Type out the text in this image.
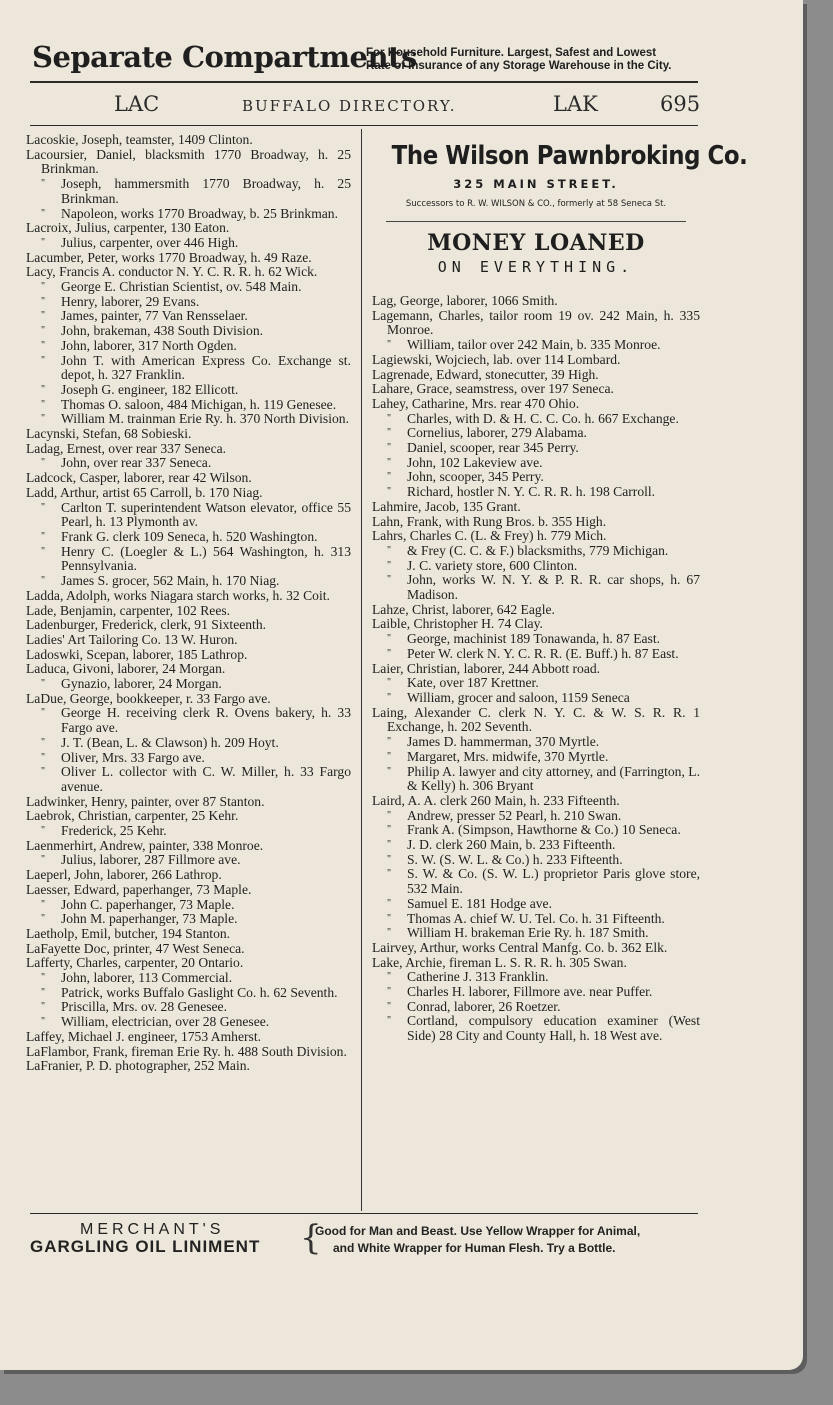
Separate Compartments
For Household Furniture. Largest, Safest and Lowest
Rate of Insurance of any Storage Warehouse in the City.
LAC	BUFFALO DIRECTORY.	LAK	695

Lacoskie, Joseph, teamster, 1409 Clinton.

Lacoursier, Daniel, blacksmith 1770 Broadway, h. 25 Brinkman.

" Joseph, hammersmith 1770 Broadway, h. 25 Brinkman.

" Napoleon, works 1770 Broadway, b. 25 Brinkman.

Lacroix, Julius, carpenter, 130 Eaton.

" Julius, carpenter, over 446 High.

Lacumber, Peter, works 1770 Broadway, h. 49 Raze.

Lacy, Francis A. conductor N. Y. C. R. R. h. 62 Wick.

" George E. Christian Scientist, ov. 548 Main.

" Henry, laborer, 29 Evans.

" James, painter, 77 Van Rensselaer.

" John, brakeman, 438 South Division.

" John, laborer, 317 North Ogden.

" John T. with American Express Co. Exchange st. depot, h. 327 Franklin.

" Joseph G. engineer, 182 Ellicott.

" Thomas O. saloon, 484 Michigan, h. 119 Genesee.

" William M. trainman Erie Ry. h. 370 North Division.

Lacynski, Stefan, 68 Sobieski.

Ladag, Ernest, over rear 337 Seneca.

" John, over rear 337 Seneca.

Ladcock, Casper, laborer, rear 42 Wilson.

Ladd, Arthur, artist 65 Carroll, b. 170 Niag.

" Carlton T. superintendent Watson elevator, office 55 Pearl, h. 13 Plymonth av.

" Frank G. clerk 109 Seneca, h. 520 Washington.

" Henry C. (Loegler & L.) 564 Washington, h. 313 Pennsylvania.

" James S. grocer, 562 Main, h. 170 Niag.

Ladda, Adolph, works Niagara starch works, h. 32 Coit.

Lade, Benjamin, carpenter, 102 Rees.

Ladenburger, Frederick, clerk, 91 Sixteenth.

Ladies' Art Tailoring Co. 13 W. Huron.

Ladoswki, Scepan, laborer, 185 Lathrop.

Laduca, Givoni, laborer, 24 Morgan.

" Gynazio, laborer, 24 Morgan.

LaDue, George, bookkeeper, r. 33 Fargo ave.

" George H. receiving clerk R. Ovens bakery, h. 33 Fargo ave.

" J. T. (Bean, L. & Clawson) h. 209 Hoyt.

" Oliver, Mrs. 33 Fargo ave.

" Oliver L. collector with C. W. Miller, h. 33 Fargo avenue.

Ladwinker, Henry, painter, over 87 Stanton.

Laebrok, Christian, carpenter, 25 Kehr.

" Frederick, 25 Kehr.

Laenmerhirt, Andrew, painter, 338 Monroe.

" Julius, laborer, 287 Fillmore ave.

Laeperl, John, laborer, 266 Lathrop.

Laesser, Edward, paperhanger, 73 Maple.

" John C. paperhanger, 73 Maple.

" John M. paperhanger, 73 Maple.

Laetholp, Emil, butcher, 194 Stanton.

LaFayette Doc, printer, 47 West Seneca.

Lafferty, Charles, carpenter, 20 Ontario.

" John, laborer, 113 Commercial.

" Patrick, works Buffalo Gaslight Co. h. 62 Seventh.

" Priscilla, Mrs. ov. 28 Genesee.

" William, electrician, over 28 Genesee.

Laffey, Michael J. engineer, 1753 Amherst.

LaFlambor, Frank, fireman Erie Ry. h. 488 South Division.

LaFranier, P. D. photographer, 252 Main.

The Wilson Pawnbroking Co.
325 MAIN STREET.
Successors to R. W. WILSON & CO., formerly at 58 Seneca St.
MONEY LOANED
ON EVERYTHING.

Lag, George, laborer, 1066 Smith.

Lagemann, Charles, tailor room 19 ov. 242 Main, h. 335 Monroe.

" William, tailor over 242 Main, b. 335 Monroe.

Lagiewski, Wojciech, lab. over 114 Lombard.

Lagrenade, Edward, stonecutter, 39 High.

Lahare, Grace, seamstress, over 197 Seneca.

Lahey, Catharine, Mrs. rear 470 Ohio.

" Charles, with D. & H. C. C. Co. h. 667 Exchange.

" Cornelius, laborer, 279 Alabama.

" Daniel, scooper, rear 345 Perry.

" John, 102 Lakeview ave.

" John, scooper, 345 Perry.

" Richard, hostler N. Y. C. R. R. h. 198 Carroll.

Lahmire, Jacob, 135 Grant.

Lahn, Frank, with Rung Bros. b. 355 High.

Lahrs, Charles C. (L. & Frey) h. 779 Mich.

" & Frey (C. C. & F.) blacksmiths, 779 Michigan.

" J. C. variety store, 600 Clinton.

" John, works W. N. Y. & P. R. R. car shops, h. 67 Madison.

Lahze, Christ, laborer, 642 Eagle.

Laible, Christopher H. 74 Clay.

" George, machinist 189 Tonawanda, h. 87 East.

" Peter W. clerk N. Y. C. R. R. (E. Buff.) h. 87 East.

Laier, Christian, laborer, 244 Abbott road.

" Kate, over 187 Krettner.

" William, grocer and saloon, 1159 Seneca

Laing, Alexander C. clerk N. Y. C. & W. S. R. R. 1 Exchange, h. 202 Seventh.

" James D. hammerman, 370 Myrtle.

" Margaret, Mrs. midwife, 370 Myrtle.

" Philip A. lawyer and city attorney, and (Farrington, L. & Kelly) h. 306 Bryant

Laird, A. A. clerk 260 Main, h. 233 Fifteenth.

" Andrew, presser 52 Pearl, h. 210 Swan.

" Frank A. (Simpson, Hawthorne & Co.) 10 Seneca.

" J. D. clerk 260 Main, b. 233 Fifteenth.

" S. W. (S. W. L. & Co.) h. 233 Fifteenth.

" S. W. & Co. (S. W. L.) proprietor Paris glove store, 532 Main.

" Samuel E. 181 Hodge ave.

" Thomas A. chief W. U. Tel. Co. h. 31 Fifteenth.

" William H. brakeman Erie Ry. h. 187 Smith.

Lairvey, Arthur, works Central Manfg. Co. b. 362 Elk.

Lake, Archie, fireman L. S. R. R. h. 305 Swan.

" Catherine J. 313 Franklin.

" Charles H. laborer, Fillmore ave. near Puffer.

" Conrad, laborer, 26 Roetzer.

" Cortland, compulsory education examiner (West Side) 28 City and County Hall, h. 18 West ave.

MERCHANT'S
GARGLING OIL LINIMENT {
Good for Man and Beast. Use Yellow Wrapper for Animal,
and White Wrapper for Human Flesh. Try a Bottle.
